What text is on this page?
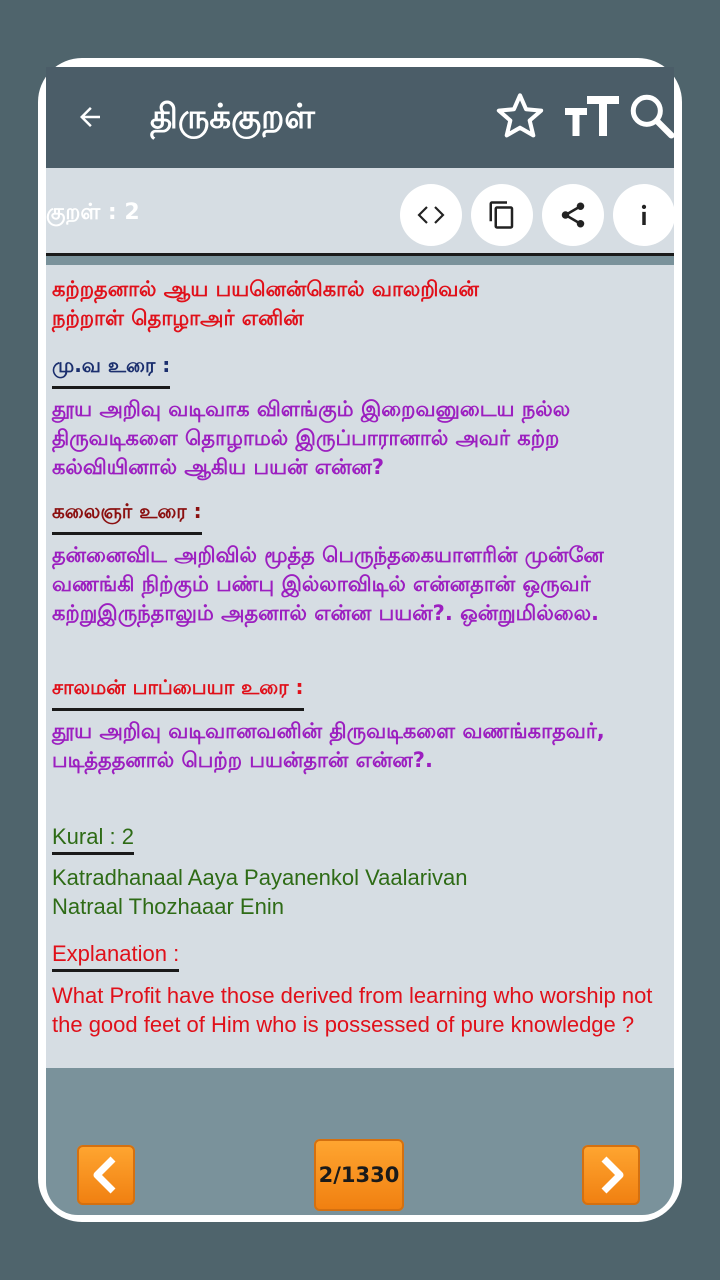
திருக்குறள்
குறள் : 2
கற்றதனால் ஆய பயனென்கொல் வாலறிவன்
நற்றாள் தொழாஅர் எனின்
மு.வ உரை :
தூய அறிவு வடிவாக விளங்கும் இறைவனுடைய நல்ல திருவடிகளை தொழாமல் இருப்பாரானால் அவர் கற்ற கல்வியினால் ஆகிய பயன் என்ன?
கலைஞர் உரை :
தன்னைவிட அறிவில் மூத்த பெருந்தகையாளரின் முன்னே வணங்கி நிற்கும் பண்பு இல்லாவிடில் என்னதான் ஒருவர் கற்றுஇருந்தாலும் அதனால் என்ன பயன்?. ஒன்றுமில்லை.
சாலமன் பாப்பையா உரை :
தூய அறிவு வடிவானவனின் திருவடிகளை வணங்காதவர், படித்ததனால் பெற்ற பயன்தான் என்ன?.
Kural : 2
Katradhanaal Aaya Payanenkol Vaalarivan
Natraal Thozhaaar Enin
Explanation :
What Profit have those derived from learning who worship not the good feet of Him who is possessed of pure knowledge ?
2/1330
